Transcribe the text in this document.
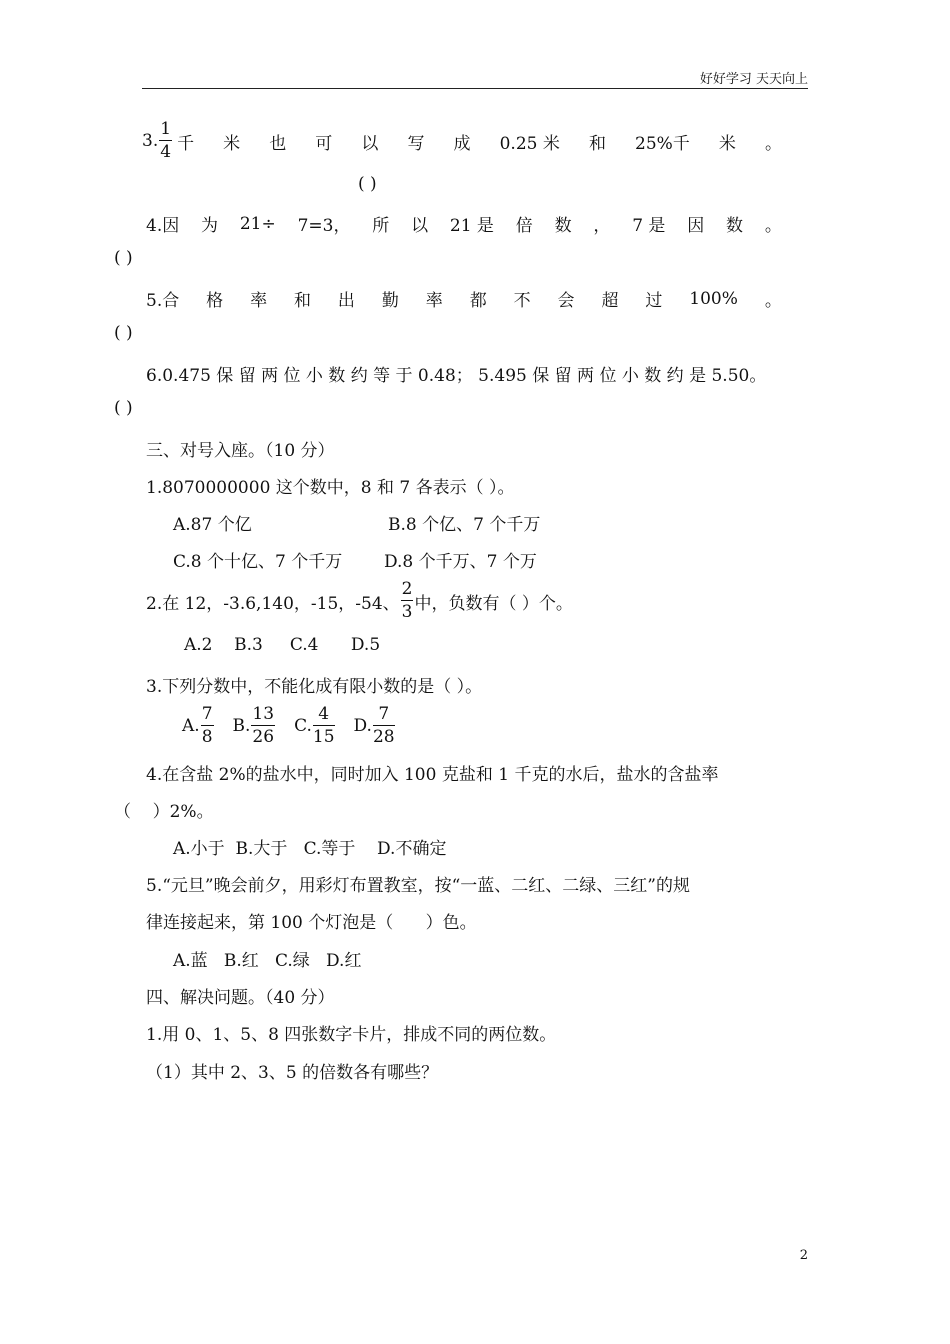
好好学习 天天向上
3. $\frac{1}{4}$ 千 米 也 可 以 写 成 0.25 米 和 25%千 米 。
( )
4.因 为 21÷ 7=3， 所 以 21 是 倍 数 ， 7 是 因 数 。
( )
5.合 格 率 和 出 勤 率 都 不 会 超 过 100% 。
( )
6.0.475 保 留 两 位 小 数 约 等 于 0.48； 5.495 保 留 两 位 小 数 约 是 5.50。
( )
三、对号入座。（10 分）
1.8070000000 这个数中，8 和 7 各表示（ ）。
A.87 个亿	B.8 个亿、7 个千万
C.8 个十亿、7 个千万 D.8 个千万、7 个万
2.在 12，-3.6,140，-15，-54、 $\frac{2}{3}$ 中，负数有（ ）个。
A.2    B.3     C.4      D.5
3.下列分数中，不能化成有限小数的是（ ）。
A. $\frac{7}{8} B$. $\frac{13}{26} C$. $\frac{4}{15} D$. $\frac{7}{28}$
4.在含盐 2%的盐水中，同时加入 100 克盐和 1 千克的水后，盐水的含盐率
（    ）2%。
A.小于  B.大于   C.等于    D.不确定
5.“元旦”晚会前夕，用彩灯布置教室，按“一蓝、二红、二绿、三红”的规
律连接起来，第 100 个灯泡是（      ）色。
A.蓝   B.红   C.绿   D.红
四、解决问题。（40 分）
1.用 0、1、5、8 四张数字卡片，排成不同的两位数。
（1）其中 2、3、5 的倍数各有哪些？
2
